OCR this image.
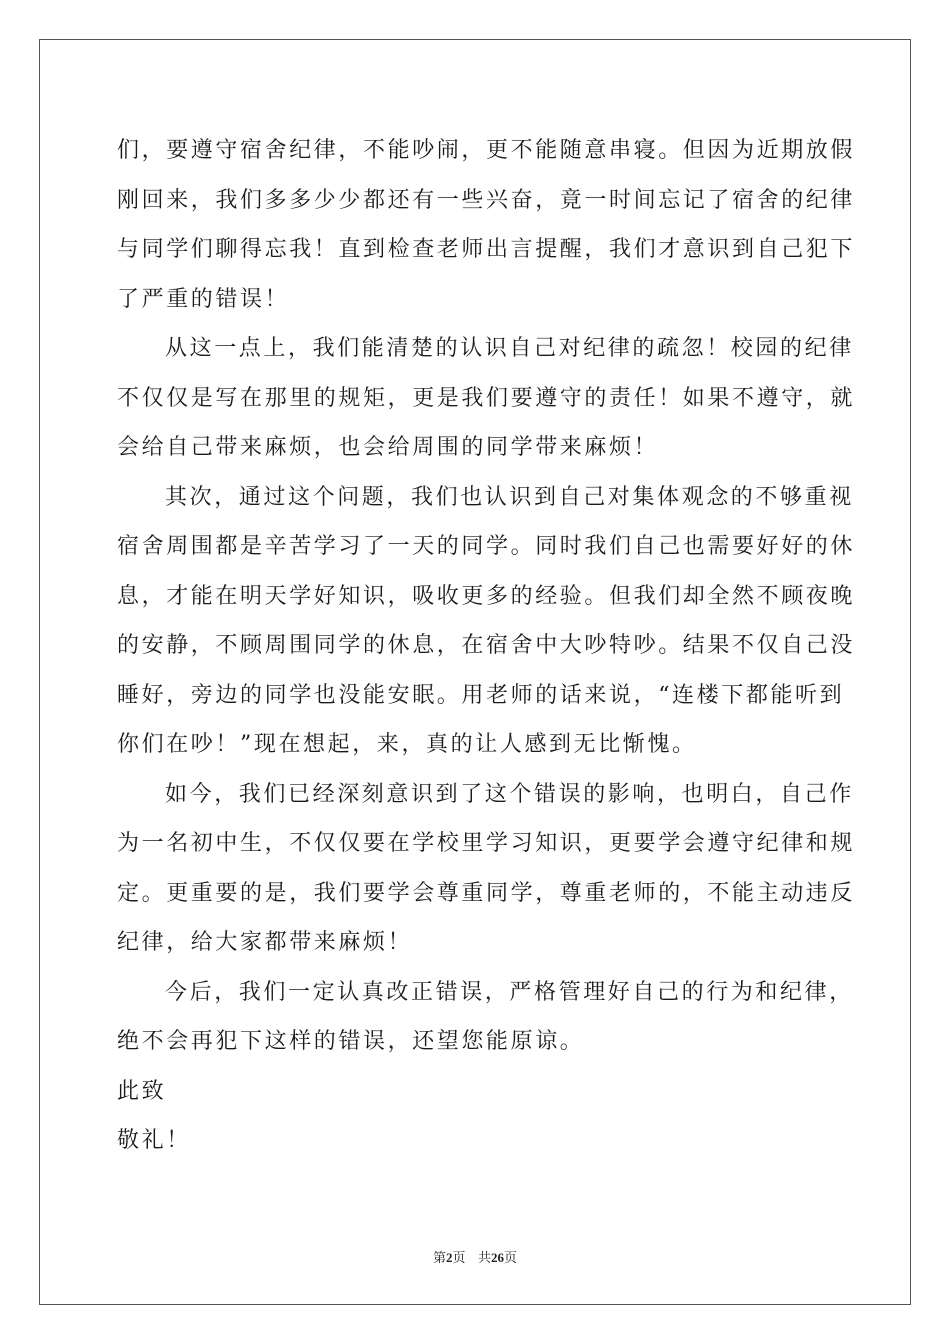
们，要遵守宿舍纪律，不能吵闹，更不能随意串寝。但因为近期放假
刚回来，我们多多少少都还有一些兴奋，竟一时间忘记了宿舍的纪律
与同学们聊得忘我！直到检查老师出言提醒，我们才意识到自己犯下
了严重的错误！
从这一点上，我们能清楚的认识自己对纪律的疏忽！校园的纪律
不仅仅是写在那里的规矩，更是我们要遵守的责任！如果不遵守，就
会给自己带来麻烦，也会给周围的同学带来麻烦！
其次，通过这个问题，我们也认识到自己对集体观念的不够重视
宿舍周围都是辛苦学习了一天的同学。同时我们自己也需要好好的休
息，才能在明天学好知识，吸收更多的经验。但我们却全然不顾夜晚
的安静，不顾周围同学的休息，在宿舍中大吵特吵。结果不仅自己没
睡好，旁边的同学也没能安眠。用老师的话来说，“连楼下都能听到
你们在吵！”现在想起，来，真的让人感到无比惭愧。
如今，我们已经深刻意识到了这个错误的影响，也明白，自己作
为一名初中生，不仅仅要在学校里学习知识，更要学会遵守纪律和规
定。更重要的是，我们要学会尊重同学，尊重老师的，不能主动违反
纪律，给大家都带来麻烦！
今后，我们一定认真改正错误，严格管理好自己的行为和纪律，
绝不会再犯下这样的错误，还望您能原谅。
此致
敬礼！
第2页 共26页
